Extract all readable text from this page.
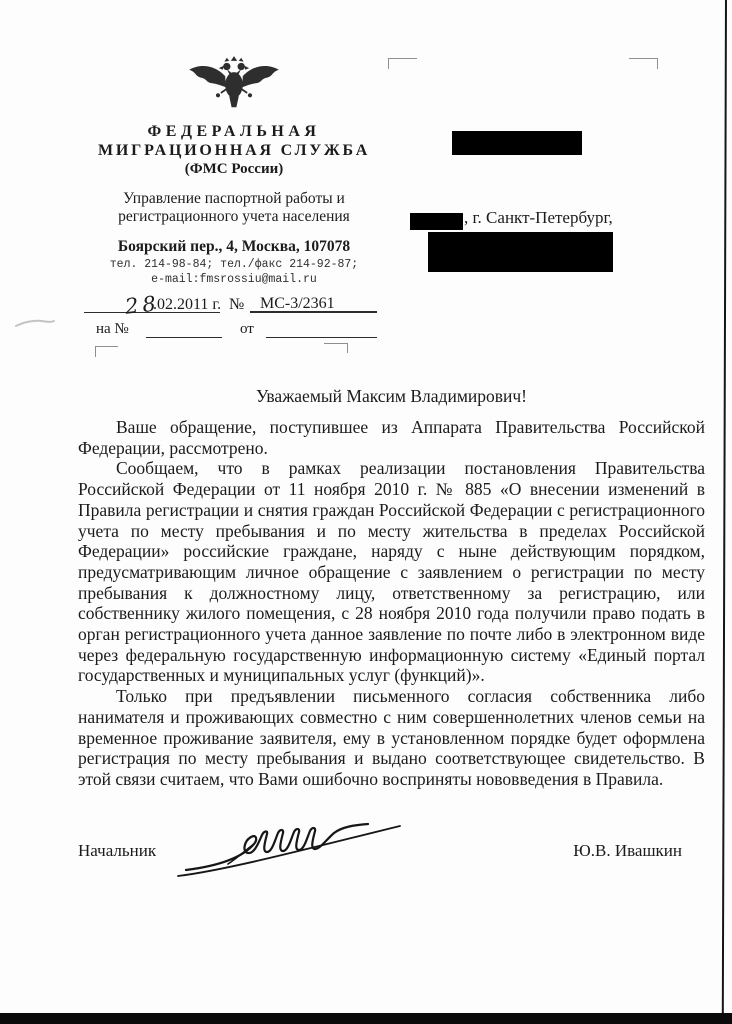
ФЕДЕРАЛЬНАЯ
МИГРАЦИОННАЯ СЛУЖБА
(ФМС России)
Управление паспортной работы и
регистрационного учета населения
Боярский пер., 4, Москва, 107078
тел. 214-98-84; тел./факс 214-92-87;
e-mail:fmsrossiu@mail.ru
, г. Санкт-Петербург,
28
.02.2011 г. № МС-3/2361
на №	от
Уважаемый Максим Владимирович!

Ваше обращение, поступившее из Аппарата Правительства Российской Федерации, рассмотрено.

Сообщаем, что в рамках реализации постановления Правительства Российской Федерации от 11 ноября 2010 г. № 885 «О внесении изменений в Правила регистрации и снятия граждан Российской Федерации с регистрационного учета по месту пребывания и по месту жительства в пределах Российской Федерации» российские граждане, наряду с ныне действующим порядком, предусматривающим личное обращение с заявлением о регистрации по месту пребывания к должностному лицу, ответственному за регистрацию, или собственнику жилого помещения, с 28 ноября 2010 года получили право подать в орган регистрационного учета данное заявление по почте либо в электронном виде через федеральную государственную информационную систему «Единый портал государственных и муниципальных услуг (функций)».

Только при предъявлении письменного согласия собственника либо нанимателя и проживающих совместно с ним совершеннолетних членов семьи на временное проживание заявителя, ему в установленном порядке будет оформлена регистрация по месту пребывания и выдано соответствующее свидетельство. В этой связи считаем, что Вами ошибочно восприняты нововведения в Правила.

Начальник	Ю.В. Ивашкин
